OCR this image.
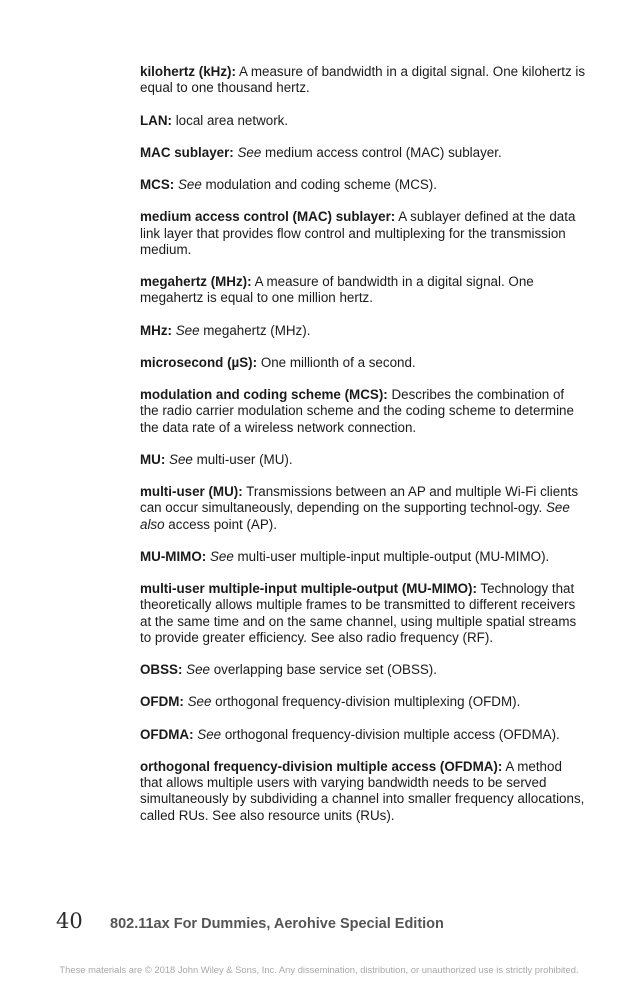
kilohertz (kHz): A measure of bandwidth in a digital signal. One kilohertz is equal to one thousand hertz.

LAN: local area network.

MAC sublayer: See medium access control (MAC) sublayer.

MCS: See modulation and coding scheme (MCS).

medium access control (MAC) sublayer: A sublayer defined at the data link layer that provides flow control and multiplexing for the transmission medium.

megahertz (MHz): A measure of bandwidth in a digital signal. One megahertz is equal to one million hertz.

MHz: See megahertz (MHz).

microsecond (µS): One millionth of a second.

modulation and coding scheme (MCS): Describes the combination of the radio carrier modulation scheme and the coding scheme to determine the data rate of a wireless network connection.

MU: See multi-user (MU).

multi-user (MU): Transmissions between an AP and multiple Wi-Fi clients can occur simultaneously, depending on the supporting technol-ogy. See also access point (AP).

MU-MIMO: See multi-user multiple-input multiple-output (MU-MIMO).

multi-user multiple-input multiple-output (MU-MIMO): Technology that theoretically allows multiple frames to be transmitted to different receivers at the same time and on the same channel, using multiple spatial streams to provide greater efficiency. See also radio frequency (RF).

OBSS: See overlapping base service set (OBSS).

OFDM: See orthogonal frequency-division multiplexing (OFDM).

OFDMA: See orthogonal frequency-division multiple access (OFDMA).

orthogonal frequency-division multiple access (OFDMA): A method that allows multiple users with varying bandwidth needs to be served simultaneously by subdividing a channel into smaller frequency allocations, called RUs. See also resource units (RUs).

40	802.11ax For Dummies, Aerohive Special Edition
These materials are © 2018 John Wiley & Sons, Inc. Any dissemination, distribution, or unauthorized use is strictly prohibited.
